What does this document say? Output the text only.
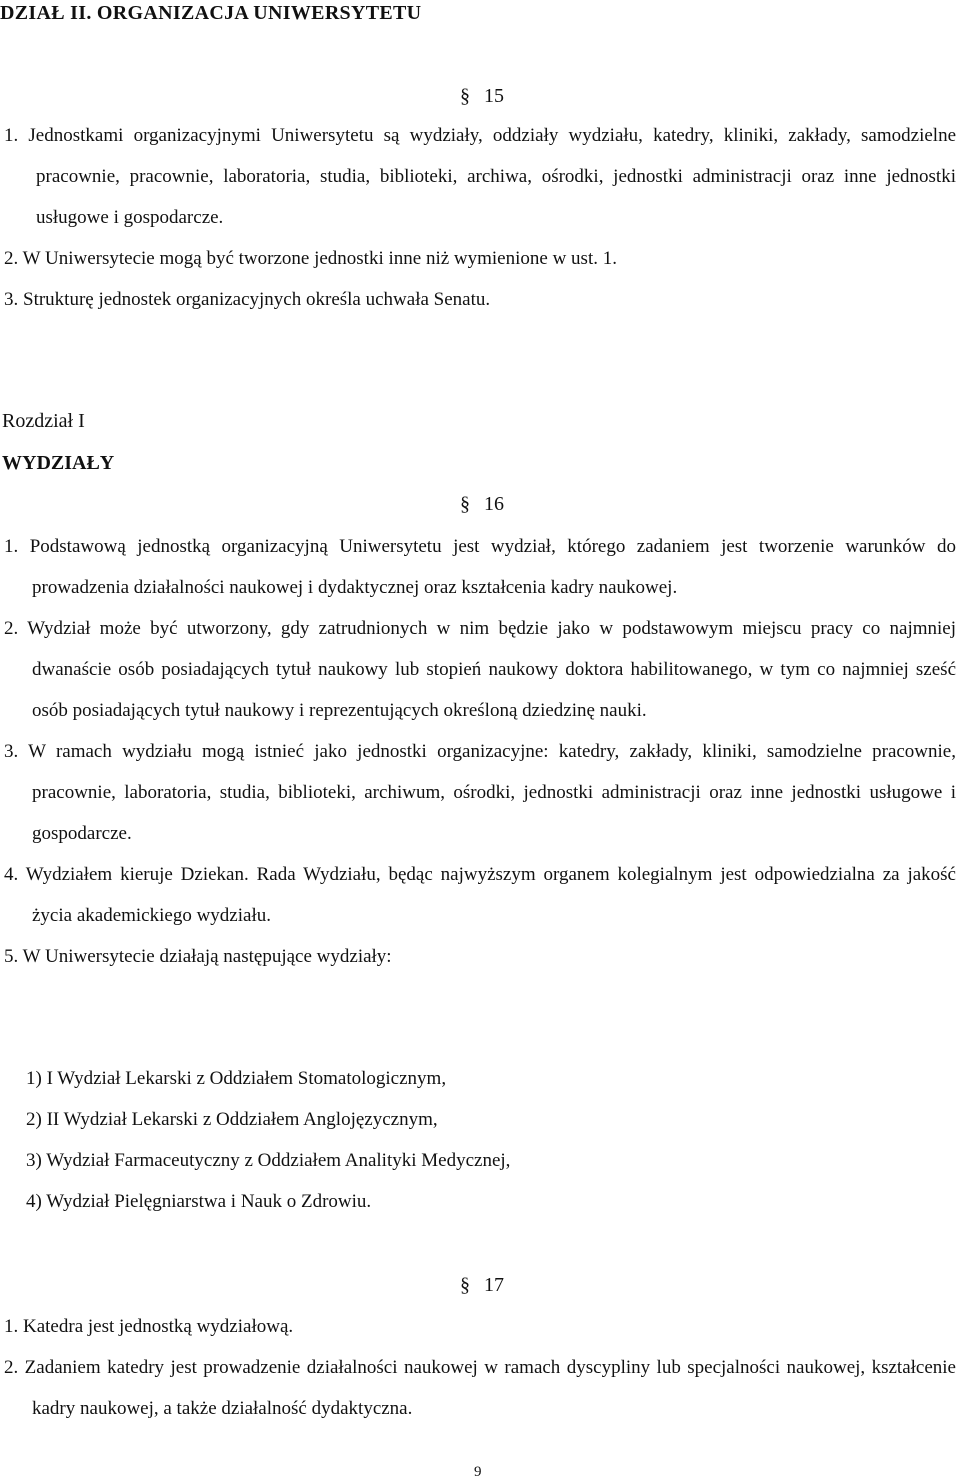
DZIAŁ II. ORGANIZACJA UNIWERSYTETU
§ 15

1. Jednostkami organizacyjnymi Uniwersytetu są wydziały, oddziały wydziału, katedry, kliniki, zakłady, samodzielne pracownie, pracownie, laboratoria, studia, biblioteki, archiwa, ośrodki, jednostki administracji oraz inne jednostki usługowe i gospodarcze.

2. W Uniwersytecie mogą być tworzone jednostki inne niż wymienione w ust. 1.

3. Strukturę jednostek organizacyjnych określa uchwała Senatu.

Rozdział I
WYDZIAŁY
§ 16

1. Podstawową jednostką organizacyjną Uniwersytetu jest wydział, którego zadaniem jest tworzenie warunków do prowadzenia działalności naukowej i dydaktycznej oraz kształcenia kadry naukowej.

2. Wydział może być utworzony, gdy zatrudnionych w nim będzie jako w podstawowym miejscu pracy co najmniej dwanaście osób posiadających tytuł naukowy lub stopień naukowy doktora habilitowanego, w tym co najmniej sześć osób posiadających tytuł naukowy i reprezentujących określoną dziedzinę nauki.

3. W ramach wydziału mogą istnieć jako jednostki organizacyjne: katedry, zakłady, kliniki, samodzielne pracownie, pracownie, laboratoria, studia, biblioteki, archiwum, ośrodki, jednostki administracji oraz inne jednostki usługowe i gospodarcze.

4. Wydziałem kieruje Dziekan. Rada Wydziału, będąc najwyższym organem kolegialnym jest odpowiedzialna za jakość życia akademickiego wydziału.

5. W Uniwersytecie działają następujące wydziały:

1) I Wydział Lekarski z Oddziałem Stomatologicznym,
2) II Wydział Lekarski z Oddziałem Anglojęzycznym,
3) Wydział Farmaceutyczny z Oddziałem Analityki Medycznej,
4) Wydział Pielęgniarstwa i Nauk o Zdrowiu.
§ 17

1. Katedra jest jednostką wydziałową.

2. Zadaniem katedry jest prowadzenie działalności naukowej w ramach dyscypliny lub specjalności naukowej, kształcenie kadry naukowej, a także działalność dydaktyczna.

9
